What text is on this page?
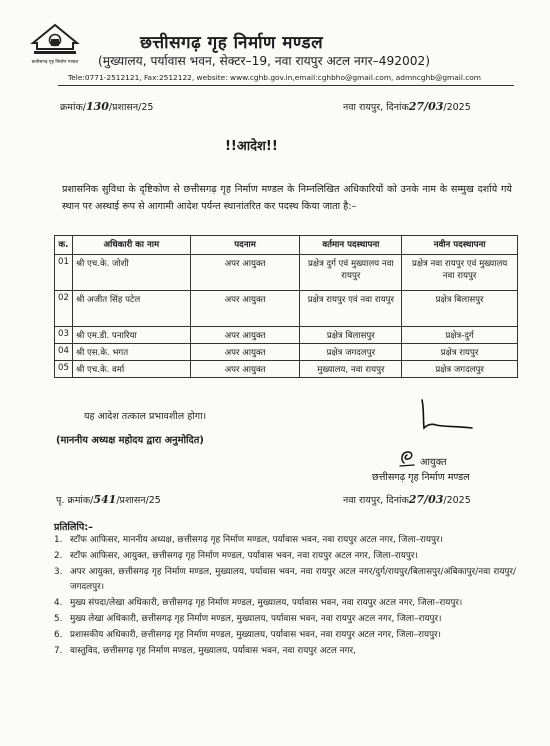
छत्तीसगढ़ गृह निर्माण मण्डल
छत्तीसगढ़ गृह निर्माण मण्डल
(मुख्यालय, पर्यावास भवन, सेक्टर–19, नवा रायपुर अटल नगर–492002)
Tele:0771-2512121, Fax:2512122, website: www.cghb.gov.in,email:cghbho@gmail.com, admncghb@gmail.com
क्रमांक/130/प्रशासन/25	नवा रायपुर, दिनांक27/03/2025
!!आदेश!!
प्रशासनिक सुविधा के दृष्टिकोण से छत्तीसगढ़ गृह निर्माण मण्डल के निम्नलिखित अधिकारियों को उनके नाम के सम्मुख दर्शाये गये स्थान पर अस्थाई रूप से आगामी आदेश पर्यन्त स्थानांतरित कर पदस्थ किया जाता है:–
क.	अधिकारी का नाम	पदनाम	वर्तमान पदस्थापना	नवीन पदस्थापना
01	श्री एच.के. जोशी	अपर आयुक्त	प्रक्षेत्र दुर्ग एवं मुख्यालय नवा रायपुर	प्रक्षेत्र नवा रायपुर एवं मुख्यालय नवा रायपुर
02	श्री अजीत सिंह पटेल	अपर आयुक्त	प्रक्षेत्र रायपुर एवं नवा रायपुर	प्रक्षेत्र बिलासपुर
03	श्री एम.डी. पनारिया	अपर आयुक्त	प्रक्षेत्र बिलासपुर	प्रक्षेत्र-दुर्ग
04	श्री एस.के. भगत	अपर आयुक्त	प्रक्षेत्र जगदलपुर	प्रक्षेत्र रायपुर
05	श्री एच.के. वर्मा	अपर आयुक्त	मुख्यालय, नवा रायपुर	प्रक्षेत्र जगदलपुर
यह आदेश तत्काल प्रभावशील होगा।
(माननीय अध्यक्ष महोदय द्वारा अनुमोदित)
आयुक्त
छत्तीसगढ़ गृह निर्माण मण्डल
पृ. क्रमांक/541/प्रशासन/25	नवा रायपुर, दिनांक27/03/2025
प्रतिलिपि:–
1. स्टॉफ आफिसर, माननीय अध्यक्ष, छत्तीसगढ़ गृह निर्माण मण्डल, पर्यावास भवन, नवा रायपुर अटल नगर, जिला–रायपुर।
2. स्टॉफ आफिसर, आयुक्त, छत्तीसगढ़ गृह निर्माण मण्डल, पर्यावास भवन, नवा रायपुर अटल नगर, जिला–रायपुर।
3. अपर आयुक्त, छत्तीसगढ़ गृह निर्माण मण्डल, मुख्यालय, पर्यावास भवन, नवा रायपुर अटल नगर/दुर्ग/रायपुर/बिलासपुर/अंबिकापुर/नवा रायपुर/जगदलपुर।
4. मुख्य संपदा/लेखा अधिकारी, छत्तीसगढ़ गृह निर्माण मण्डल, मुख्यालय, पर्यावास भवन, नवा रायपुर अटल नगर, जिला–रायपुर।
5. मुख्य लेखा अधिकारी, छत्तीसगढ़ गृह निर्माण मण्डल, मुख्यालय, पर्यावास भवन, नवा रायपुर अटल नगर, जिला–रायपुर।
6. प्रशासकीय अधिकारी, छत्तीसगढ़ गृह निर्माण मण्डल, मुख्यालय, पर्यावास भवन, नवा रायपुर अटल नगर, जिला–रायपुर।
7. वास्तुविद, छत्तीसगढ़ गृह निर्माण मण्डल, मुख्यालय, पर्यावास भवन, नवा रायपुर अटल नगर,
